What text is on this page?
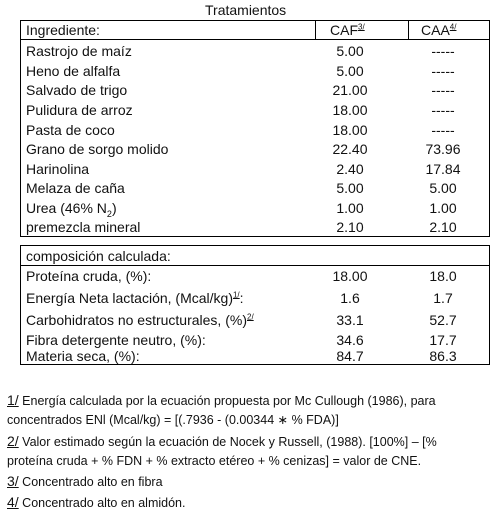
Tratamientos
Ingrediente:	$CAF^{3/}$	$CAA^{4/}$
Rastrojo de maíz	5.00	-----
Heno de alfalfa	5.00	-----
Salvado de trigo	21.00	-----
Pulidura de arroz	18.00	-----
Pasta de coco	18.00	-----
Grano de sorgo molido	22.40	73.96
Harinolina	2.40	17.84
Melaza de caña	5.00	5.00
Urea (46% $N_2$)	1.00	1.00
premezcla mineral	2.10	2.10
composición calculada:
Proteína cruda, (%):	18.00	18.0
Energía Neta lactación, (Mcal/kg)$^{1/}$:	1.6	1.7
Carbohidratos no estructurales, (%)$^{2/}$	33.1	52.7
Fibra detergente neutro, (%):	34.6	17.7
Materia seca, (%):	84.7	86.3
1/ Energía calculada por la ecuación propuesta por Mc Cullough (1986), para
concentrados ENl (Mcal/kg) = [(.7936 - (0.00344 ∗ % FDA)]
2/ Valor estimado según la ecuación de Nocek y Russell, (1988). [100%] – [%
proteína cruda + % FDN + % extracto etéreo + % cenizas] = valor de CNE.
3/ Concentrado alto en fibra
4/ Concentrado alto en almidón.
